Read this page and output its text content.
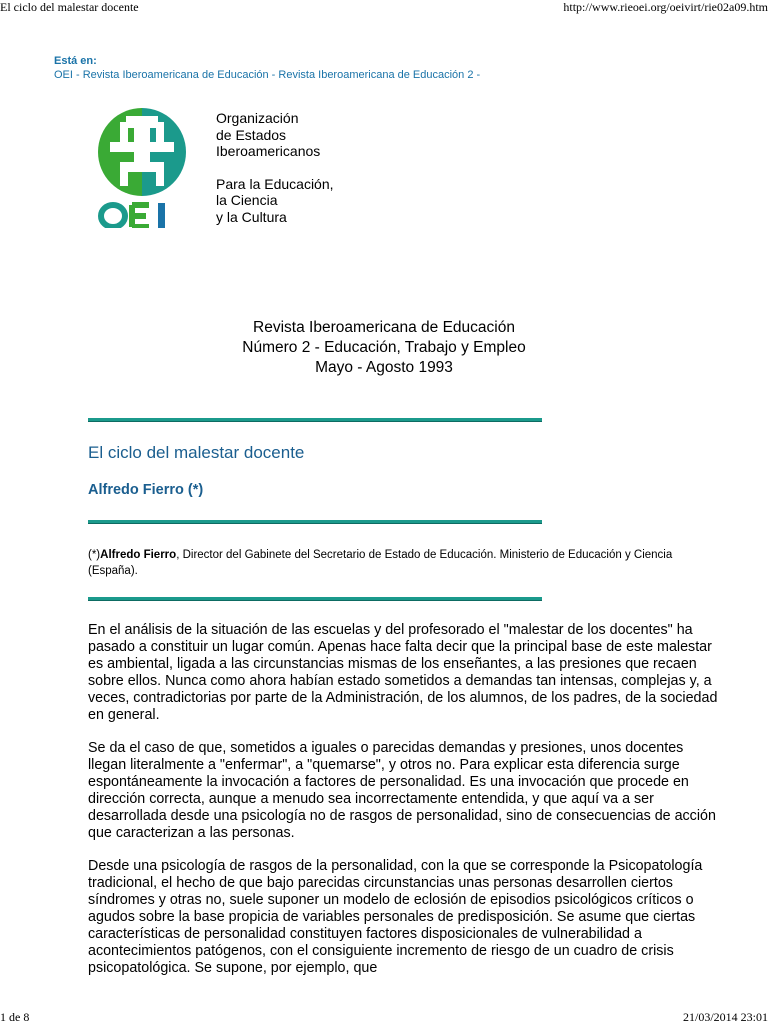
El ciclo del malestar docente	http://www.rieoei.org/oeivirt/rie02a09.htm
Está en:
OEI - Revista Iberoamericana de Educación - Revista Iberoamericana de Educación 2 -

Organización

de Estados

Iberoamericanos

Para la Educación,

la Ciencia

y la Cultura

Revista Iberoamericana de Educación
Número 2 - Educación, Trabajo y Empleo
Mayo - Agosto 1993
El ciclo del malestar docente
Alfredo Fierro (*)
(*)Alfredo Fierro, Director del Gabinete del Secretario de Estado de Educación. Ministerio de Educación y Ciencia (España).

En el análisis de la situación de las escuelas y del profesorado el "malestar de los docentes" ha pasado a constituir un lugar común. Apenas hace falta decir que la principal base de este malestar es ambiental, ligada a las circunstancias mismas de los enseñantes, a las presiones que recaen sobre ellos. Nunca como ahora habían estado sometidos a demandas tan intensas, complejas y, a veces, contradictorias por parte de la Administración, de los alumnos, de los padres, de la sociedad en general.

Se da el caso de que, sometidos a iguales o parecidas demandas y presiones, unos docentes llegan literalmente a "enfermar", a "quemarse", y otros no. Para explicar esta diferencia surge espontáneamente la invocación a factores de personalidad. Es una invocación que procede en dirección correcta, aunque a menudo sea incorrectamente entendida, y que aquí va a ser desarrollada desde una psicología no de rasgos de personalidad, sino de consecuencias de acción que caracterizan a las personas.

Desde una psicología de rasgos de la personalidad, con la que se corresponde la Psicopatología tradicional, el hecho de que bajo parecidas circunstancias unas personas desarrollen ciertos síndromes y otras no, suele suponer un modelo de eclosión de episodios psicológicos críticos o agudos sobre la base propicia de variables personales de predisposición. Se asume que ciertas características de personalidad constituyen factores disposicionales de vulnerabilidad a acontecimientos patógenos, con el consiguiente incremento de riesgo de un cuadro de crisis psicopatológica. Se supone, por ejemplo, que

1 de 8	21/03/2014 23:01
